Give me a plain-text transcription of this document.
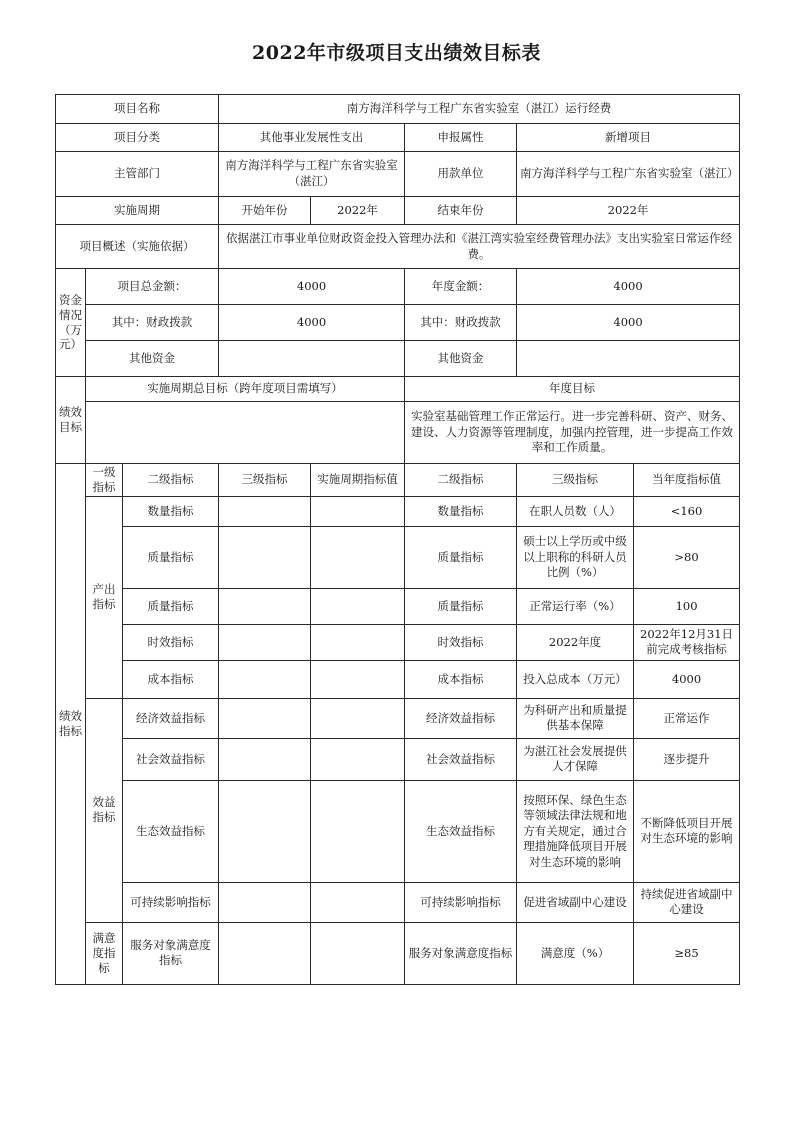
2022年市级项目支出绩效目标表
项目名称			南方海洋科学与工程广东省实验室（湛江）运行经费				
项目分类			其他事业发展性支出		申报属性	新增项目	
主管部门			南方海洋科学与工程广东省实验室（湛江）		用款单位	南方海洋科学与工程广东省实验室（湛江）	
实施周期			开始年份	2022年	结束年份	2022年	
项目概述（实施依据）			依据湛江市事业单位财政资金投入管理办法和《湛江湾实验室经费管理办法》支出实验室日常运作经费。				
资金情况（万元）	项目总金额：		4000		年度金额：	4000	
	其中：财政拨款		4000		其中：财政拨款	4000	
	其他资金				其他资金		
绩效目标	实施周期总目标（跨年度项目需填写）				年度目标		
					实验室基础管理工作正常运行。进一步完善科研、资产、财务、建设、人力资源等管理制度，加强内控管理，进一步提高工作效率和工作质量。		
绩效指标	一级指标	二级指标	三级指标	实施周期指标值	二级指标	三级指标	当年度指标值
	产出指标	数量指标			数量指标	在职人员数（人）	<160
		质量指标			质量指标	硕士以上学历或中级以上职称的科研人员比例（%）	>80
		质量指标			质量指标	正常运行率（%）	100
		时效指标			时效指标	2022年度	2022年12月31日前完成考核指标
		成本指标			成本指标	投入总成本（万元）	4000
	效益指标	经济效益指标			经济效益指标	为科研产出和质量提供基本保障	正常运作
		社会效益指标			社会效益指标	为湛江社会发展提供人才保障	逐步提升
		生态效益指标			生态效益指标	按照环保、绿色生态等领域法律法规和地方有关规定，通过合理措施降低项目开展对生态环境的影响	不断降低项目开展对生态环境的影响
		可持续影响指标			可持续影响指标	促进省域副中心建设	持续促进省域副中心建设
	满意度指标	服务对象满意度指标			服务对象满意度指标	满意度（%）	≥85
